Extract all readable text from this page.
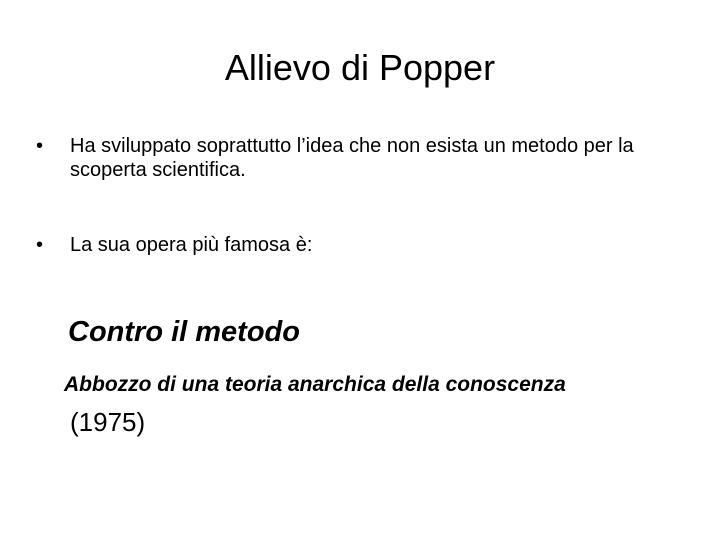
Allievo di Popper
•	Ha sviluppato soprattutto l’idea che non esista un metodo per la scoperta scientifica.
•	La sua opera più famosa è:
Contro il metodo
Abbozzo di una teoria anarchica della conoscenza
(1975)
